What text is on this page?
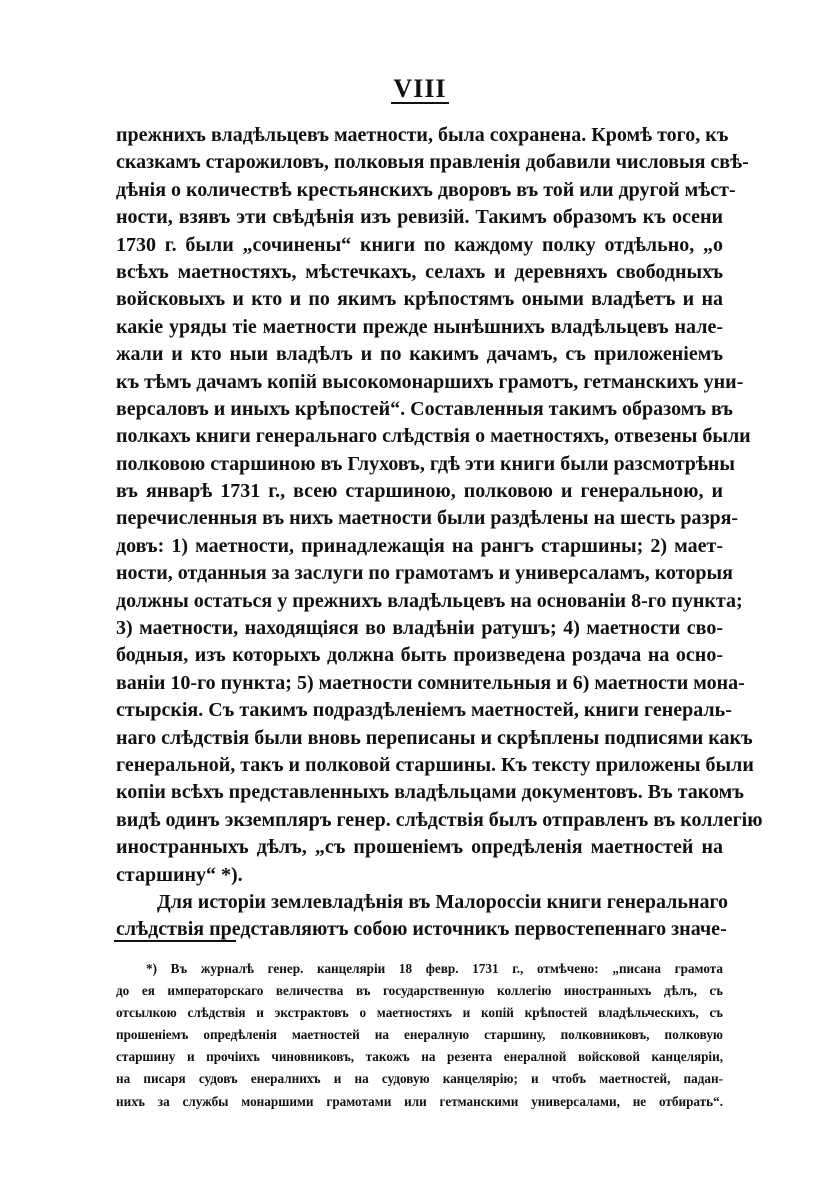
VIII
прежнихъ владѣльцевъ маетности, была сохранена. Кромѣ того, къ
сказкамъ старожиловъ, полковыя правленія добавили числовыя свѣ-
дѣнія о количествѣ крестьянскихъ дворовъ въ той или другой мѣст-
ности, взявъ эти свѣдѣнія изъ ревизій. Такимъ образомъ къ осени
1730 г. были „сочинены“ книги по каждому полку отдѣльно, „о
всѣхъ маетностяхъ, мѣстечкахъ, селахъ и деревняхъ свободныхъ
войсковыхъ и кто и по якимъ крѣпостямъ оными владѣетъ и на
какіе уряды тіе маетности прежде нынѣшнихъ владѣльцевъ нале-
жали и кто ныи владѣлъ и по какимъ дачамъ, съ приложеніемъ
къ тѣмъ дачамъ копій высокомонаршихъ грамотъ, гетманскихъ уни-
версаловъ и иныхъ крѣпостей“. Составленныя такимъ образомъ въ
полкахъ книги генеральнаго слѣдствія о маетностяхъ, отвезены были
полковою старшиною въ Глуховъ, гдѣ эти книги были разсмотрѣны
въ январѣ 1731 г., всею старшиною, полковою и генеральною, и
перечисленныя въ нихъ маетности были раздѣлены на шесть разря-
довъ: 1) маетности, принадлежащія на рангъ старшины; 2) мает-
ности, отданныя за заслуги по грамотамъ и универсаламъ, которыя
должны остаться у прежнихъ владѣльцевъ на основаніи 8-го пункта;
3) маетности, находящіяся во владѣніи ратушъ; 4) маетности сво-
бодныя, изъ которыхъ должна быть произведена роздача на осно-
ваніи 10-го пункта; 5) маетности сомнительныя и 6) маетности мона-
стырскія. Съ такимъ подраздѣленіемъ маетностей, книги генераль-
наго слѣдствія были вновь переписаны и скрѣплены подписями какъ
генеральной, такъ и полковой старшины. Къ тексту приложены были
копіи всѣхъ представленныхъ владѣльцами документовъ. Въ такомъ
видѣ одинъ экземпляръ генер. слѣдствія былъ отправленъ въ коллегію
иностранныхъ дѣлъ, „съ прошеніемъ опредѣленія маетностей на
старшину“ *).
Для исторіи землевладѣнія въ Малороссіи книги генеральнаго
слѣдствія представляютъ собою источникъ первостепеннаго значе-
*) Въ журналѣ генер. канцеляріи 18 февр. 1731 г., отмѣчено: „писана грамота
до ея императорскаго величества въ государственную коллегію иностранныхъ дѣлъ, съ
отсылкою слѣдствія и экстрактовъ о маетностяхъ и копій крѣпостей владѣльческихъ, съ
прошеніемъ опредѣленія маетностей на енералную старшину, полковниковъ, полковую
старшину и прочіихъ чиновниковъ, такожъ на резента енералной войсковой канцеляріи,
на писаря судовъ енералнихъ и на судовую канцелярію; и чтобъ маетностей, падан-
нихъ за службы монаршими грамотами или гетманскими универсалами, не отбирать“.
